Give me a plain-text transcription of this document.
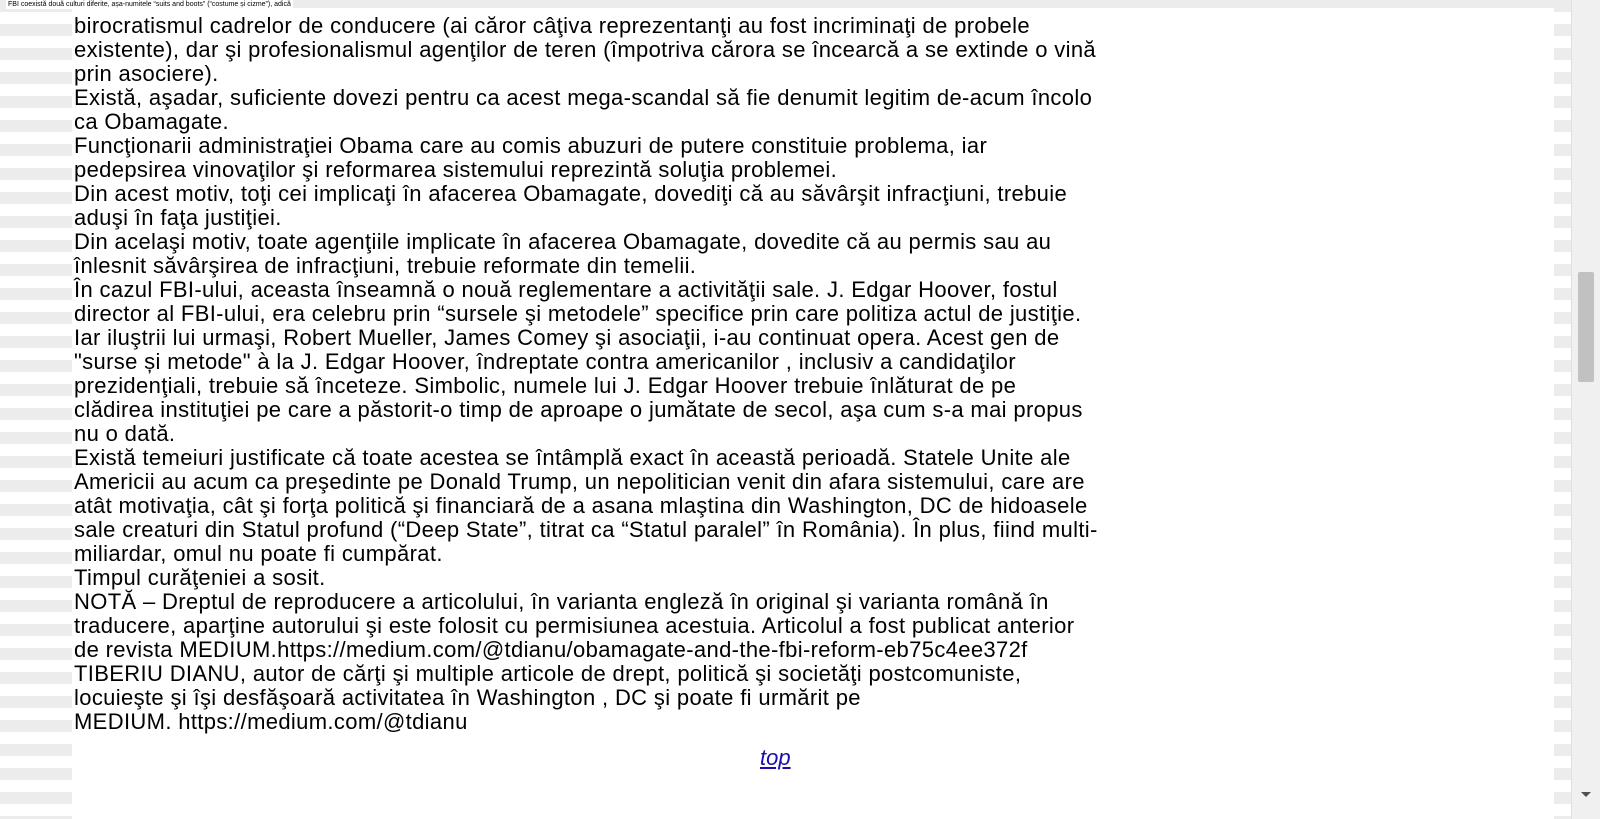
FBI coexistă două culturi diferite, așa-numitele “suits and boots” (“costume și cizme”), adică
birocratismul cadrelor de conducere (ai căror câţiva reprezentanţi au fost incriminaţi de probele
existente), dar şi profesionalismul agenţilor de teren (împotriva cărora se încearcă a se extinde o vină
prin asociere).
Există, aşadar, suficiente dovezi pentru ca acest mega-scandal să fie denumit legitim de-acum încolo
ca Obamagate.
Funcţionarii administraţiei Obama care au comis abuzuri de putere constituie problema, iar
pedepsirea vinovaţilor şi reformarea sistemului reprezintă soluţia problemei.
Din acest motiv, toţi cei implicaţi în afacerea Obamagate, dovediţi că au săvârşit infracţiuni, trebuie
aduşi în faţa justiţiei.
Din acelaşi motiv, toate agenţiile implicate în afacerea Obamagate, dovedite că au permis sau au
înlesnit săvârşirea de infracţiuni, trebuie reformate din temelii.
În cazul FBI-ului, aceasta înseamnă o nouă reglementare a activităţii sale. J. Edgar Hoover, fostul
director al FBI-ului, era celebru prin “sursele şi metodele” specifice prin care politiza actul de justiţie.
Iar iluştrii lui urmaşi, Robert Mueller, James Comey şi asociaţii, i-au continuat opera. Acest gen de
"surse și metode" à la J. Edgar Hoover, îndreptate contra americanilor , inclusiv a candidaţilor
prezidenţiali, trebuie să înceteze. Simbolic, numele lui J. Edgar Hoover trebuie înlăturat de pe
clădirea instituţiei pe care a păstorit-o timp de aproape o jumătate de secol, aşa cum s-a mai propus
nu o dată.
Există temeiuri justificate că toate acestea se întâmplă exact în această perioadă. Statele Unite ale
Americii au acum ca preşedinte pe Donald Trump, un nepolitician venit din afara sistemului, care are
atât motivaţia, cât şi forţa politică şi financiară de a asana mlaştina din Washington, DC de hidoasele
sale creaturi din Statul profund (“Deep State”, titrat ca “Statul paralel” în România). În plus, fiind multi-
miliardar, omul nu poate fi cumpărat.
Timpul curăţeniei a sosit.
NOTĂ – Dreptul de reproducere a articolului, în varianta engleză în original şi varianta română în
traducere, aparţine autorului şi este folosit cu permisiunea acestuia. Articolul a fost publicat anterior
de revista MEDIUM.https://medium.com/@tdianu/obamagate-and-the-fbi-reform-eb75c4ee372f
TIBERIU DIANU, autor de cărţi şi multiple articole de drept, politică şi societăţi postcomuniste,
locuieşte şi îşi desfăşoară activitatea în Washington , DC şi poate fi urmărit pe
MEDIUM. https://medium.com/@tdianu
top
